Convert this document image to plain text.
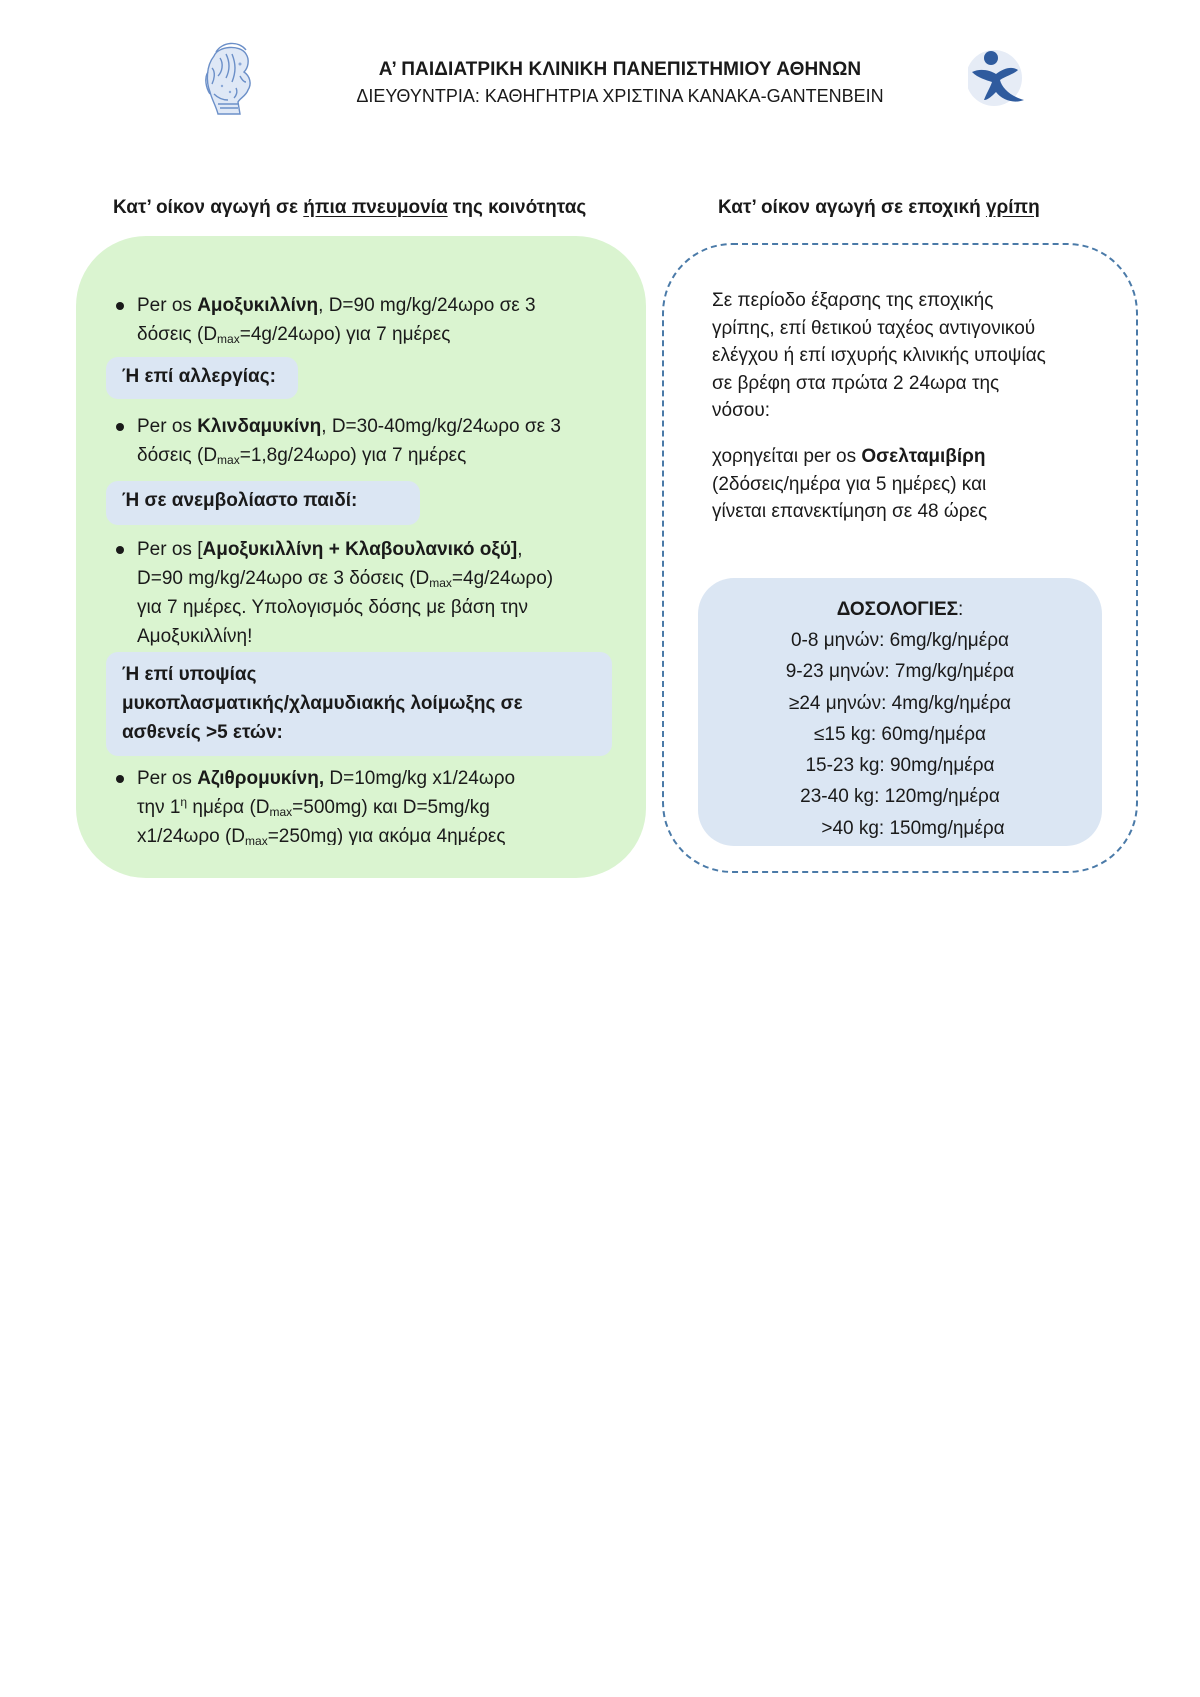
Α’ ΠΑΙΔΙΑΤΡΙΚΗ ΚΛΙΝΙΚΗ ΠΑΝΕΠΙΣΤΗΜΙΟΥ ΑΘΗΝΩΝ
ΔΙΕΥΘΥΝΤΡΙΑ: ΚΑΘΗΓΗΤΡΙΑ ΧΡΙΣΤΙΝΑ ΚΑΝΑΚΑ-GANTENBEIN
Κατ’ οίκον αγωγή σε ήπια πνευμονία της κοινότητας	Κατ’ οίκον αγωγή σε εποχική γρίπη
Per os Αμοξυκιλλίνη, D=90 mg/kg/24ωρο σε 3
δόσεις $(D_{max}=4g/24\omega\rho o)$ για 7 ημέρες
Ή επί αλλεργίας:
Per os Κλινδαμυκίνη, D=30-40mg/kg/24ωρο σε 3
δόσεις $(D_{max}=1,8g/24\omega\rho o)$ για 7 ημέρες
Ή σε ανεμβολίαστο παιδί:
Per os [Αμοξυκιλλίνη + Κλαβουλανικό οξύ],
D=90 mg/kg/24ωρο σε 3 δόσεις $(D_{max}=4g/24\omega\rho o)$
για 7 ημέρες. Υπολογισμός δόσης με βάση την
Αμοξυκιλλίνη!
Ή επί υποψίας
μυκοπλασματικής/χλαμυδιακής λοίμωξης σε
ασθενείς >5 ετών:
Per os Αζιθρομυκίνη, D=10mg/kg x1/24ωρο
την $1^\eta$ ημέρα $(D_{max}=500mg)$ και D=5mg/kg
x1/24ωρο $(D_{max}=250mg)$ για ακόμα 4ημέρες
Σε περίοδο έξαρσης της εποχικής
γρίπης, επί θετικού ταχέος αντιγονικού
ελέγχου ή επί ισχυρής κλινικής υποψίας
σε βρέφη στα πρώτα 2 24ωρα της
νόσου:
χορηγείται per os Οσελταμιβίρη
(2δόσεις/ημέρα για 5 ημέρες) και
γίνεται επανεκτίμηση σε 48 ώρες
ΔΟΣΟΛΟΓΙΕΣ:
0-8 μηνών: 6mg/kg/ημέρα
9-23 μηνών: 7mg/kg/ημέρα
≥24 μηνών: 4mg/kg/ημέρα
≤15 kg: 60mg/ημέρα
15-23 kg: 90mg/ημέρα
23-40 kg: 120mg/ημέρα
>40 kg: 150mg/ημέρα
